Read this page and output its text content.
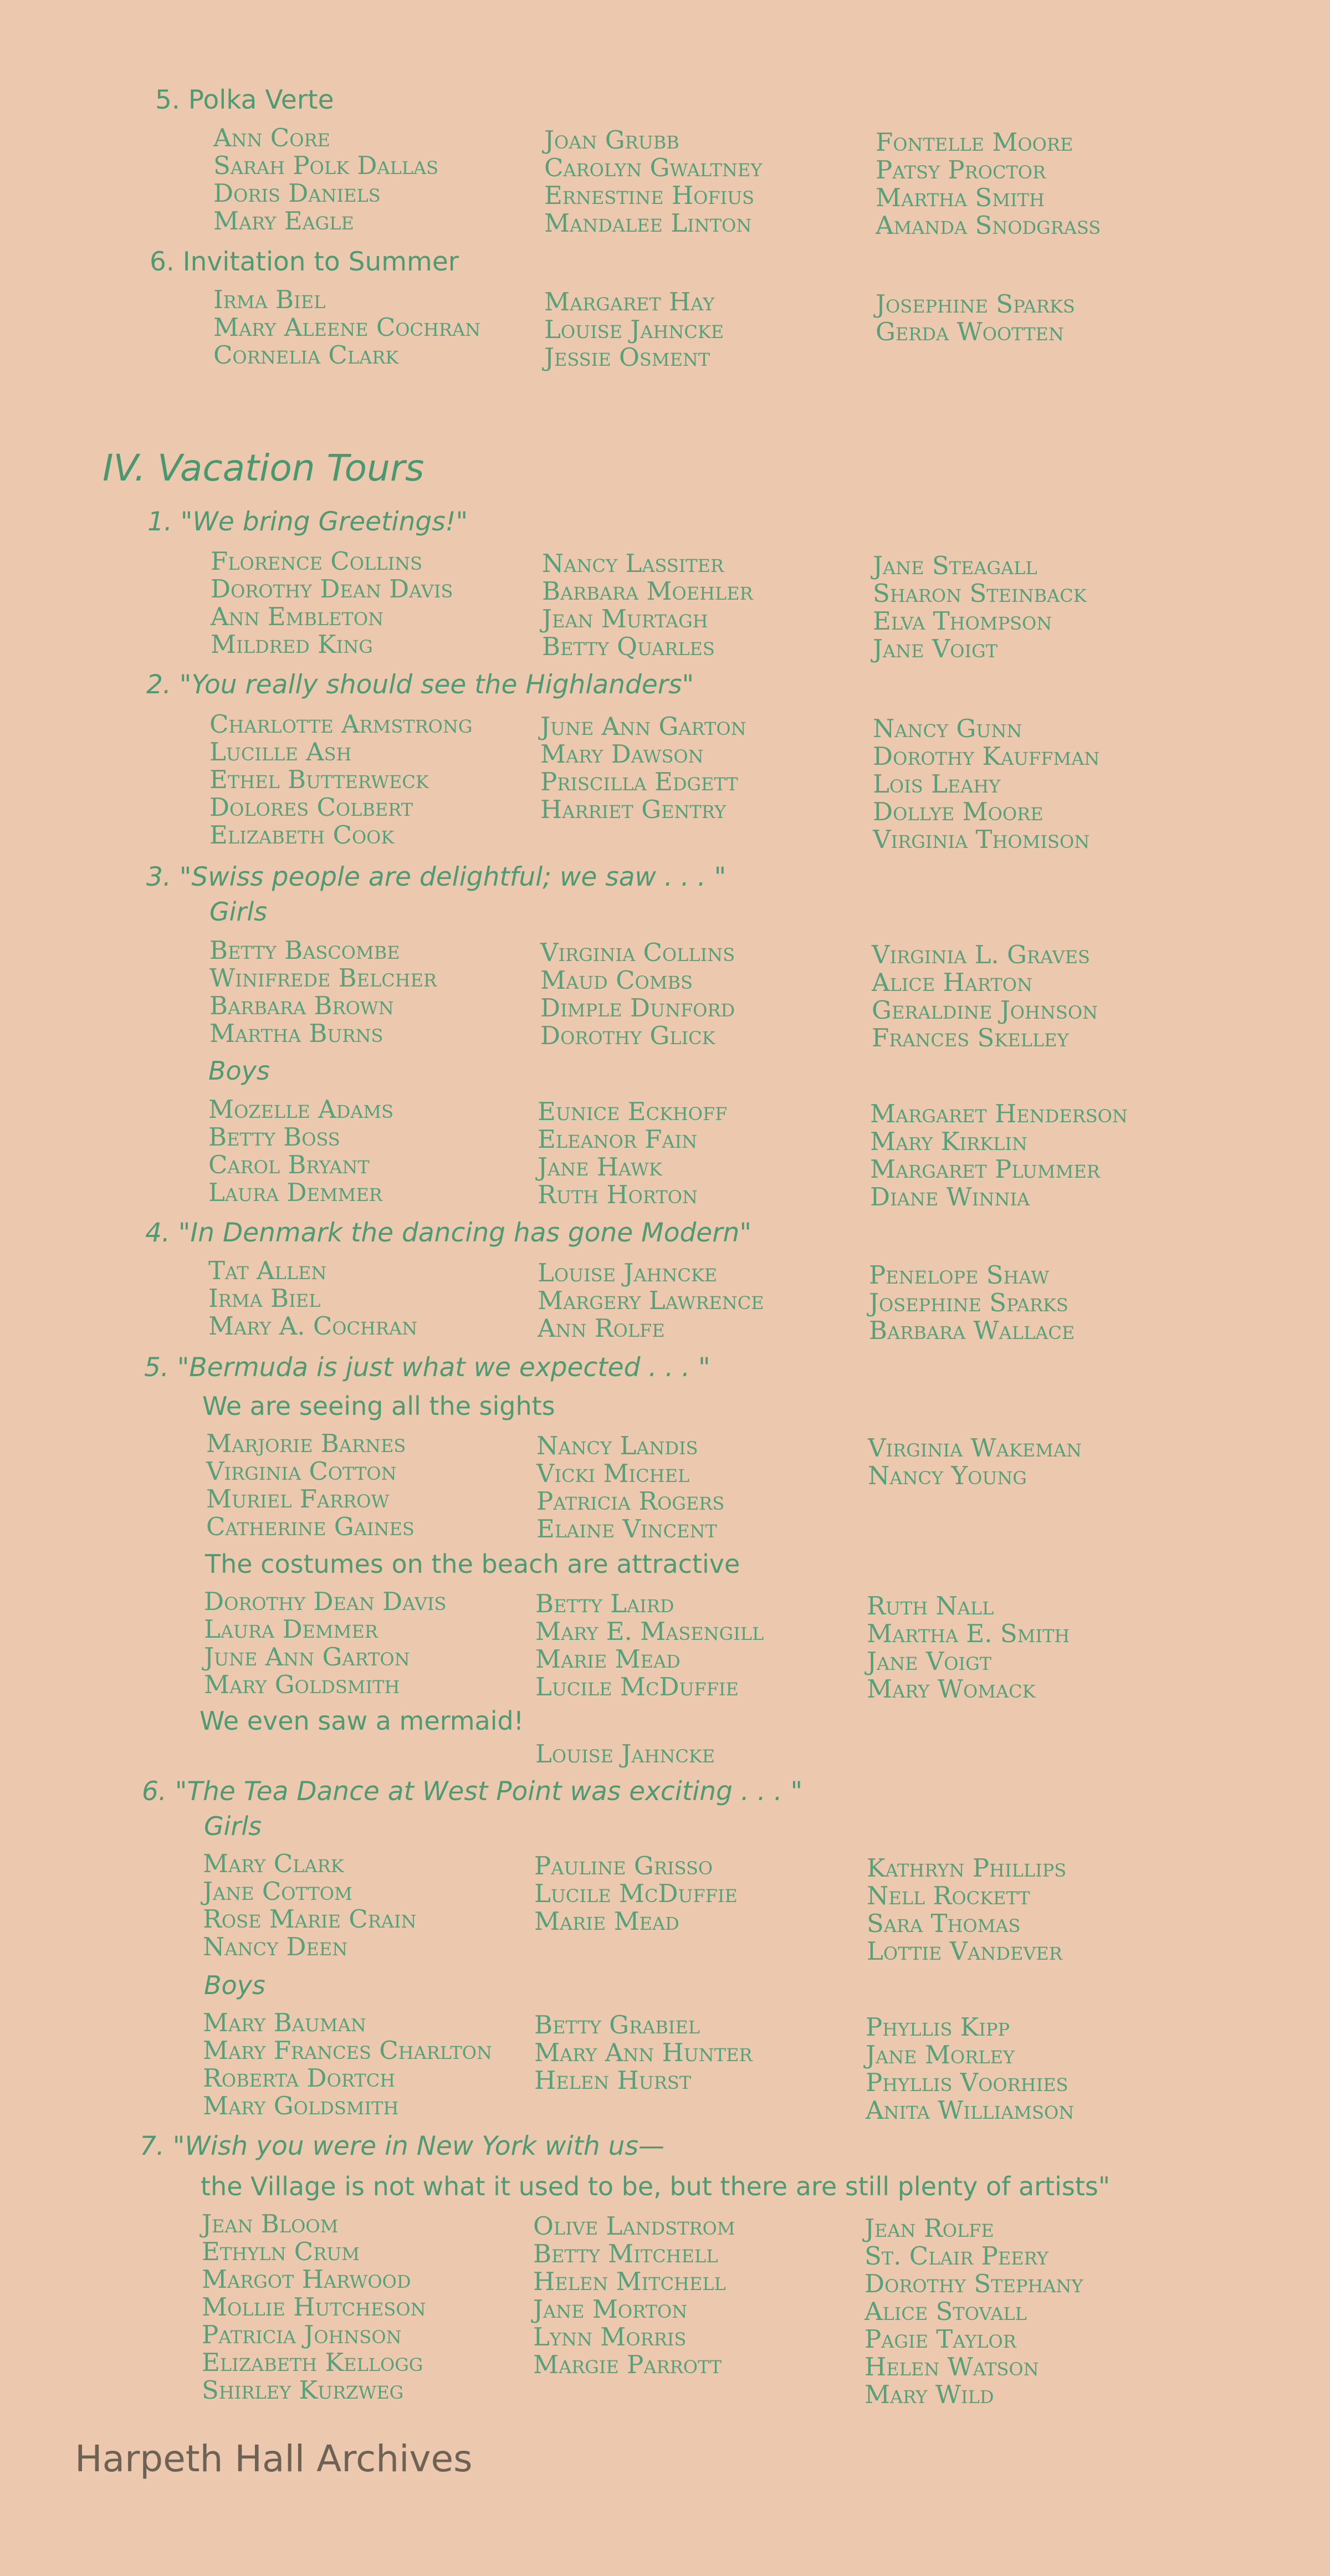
5. Polka Verte
Ann Core
Sarah Polk Dallas
Doris Daniels
Mary Eagle
Joan Grubb
Carolyn Gwaltney
Ernestine Hofius
Mandalee Linton
Fontelle Moore
Patsy Proctor
Martha Smith
Amanda Snodgrass
6. Invitation to Summer
Irma Biel
Mary Aleene Cochran
Cornelia Clark
Margaret Hay
Louise Jahncke
Jessie Osment
Josephine Sparks
Gerda Wootten
IV. Vacation Tours
1. "We bring Greetings!"
Florence Collins
Dorothy Dean Davis
Ann Embleton
Mildred King
Nancy Lassiter
Barbara Moehler
Jean Murtagh
Betty Quarles
Jane Steagall
Sharon Steinback
Elva Thompson
Jane Voigt
2. "You really should see the Highlanders"
Charlotte Armstrong
Lucille Ash
Ethel Butterweck
Dolores Colbert
Elizabeth Cook
June Ann Garton
Mary Dawson
Priscilla Edgett
Harriet Gentry
Nancy Gunn
Dorothy Kauffman
Lois Leahy
Dollye Moore
Virginia Thomison
3. "Swiss people are delightful; we saw . . . "
Girls
Betty Bascombe
Winifrede Belcher
Barbara Brown
Martha Burns
Virginia Collins
Maud Combs
Dimple Dunford
Dorothy Glick
Virginia L. Graves
Alice Harton
Geraldine Johnson
Frances Skelley
Boys
Mozelle Adams
Betty Boss
Carol Bryant
Laura Demmer
Eunice Eckhoff
Eleanor Fain
Jane Hawk
Ruth Horton
Margaret Henderson
Mary Kirklin
Margaret Plummer
Diane Winnia
4. "In Denmark the dancing has gone Modern"
Tat Allen
Irma Biel
Mary A. Cochran
Louise Jahncke
Margery Lawrence
Ann Rolfe
Penelope Shaw
Josephine Sparks
Barbara Wallace
5. "Bermuda is just what we expected . . . "
We are seeing all the sights
Marjorie Barnes
Virginia Cotton
Muriel Farrow
Catherine Gaines
Nancy Landis
Vicki Michel
Patricia Rogers
Elaine Vincent
Virginia Wakeman
Nancy Young
The costumes on the beach are attractive
Dorothy Dean Davis
Laura Demmer
June Ann Garton
Mary Goldsmith
Betty Laird
Mary E. Masengill
Marie Mead
Lucile McDuffie
Ruth Nall
Martha E. Smith
Jane Voigt
Mary Womack
We even saw a mermaid!
Louise Jahncke
6. "The Tea Dance at West Point was exciting . . . "
Girls
Mary Clark
Jane Cottom
Rose Marie Crain
Nancy Deen
Pauline Grisso
Lucile McDuffie
Marie Mead
Kathryn Phillips
Nell Rockett
Sara Thomas
Lottie Vandever
Boys
Mary Bauman
Mary Frances Charlton
Roberta Dortch
Mary Goldsmith
Betty Grabiel
Mary Ann Hunter
Helen Hurst
Phyllis Kipp
Jane Morley
Phyllis Voorhies
Anita Williamson
7. "Wish you were in New York with us—
the Village is not what it used to be, but there are still plenty of artists"
Jean Bloom
Ethyln Crum
Margot Harwood
Mollie Hutcheson
Patricia Johnson
Elizabeth Kellogg
Shirley Kurzweg
Olive Landstrom
Betty Mitchell
Helen Mitchell
Jane Morton
Lynn Morris
Margie Parrott
Jean Rolfe
St. Clair Peery
Dorothy Stephany
Alice Stovall
Pagie Taylor
Helen Watson
Mary Wild
Harpeth Hall Archives
